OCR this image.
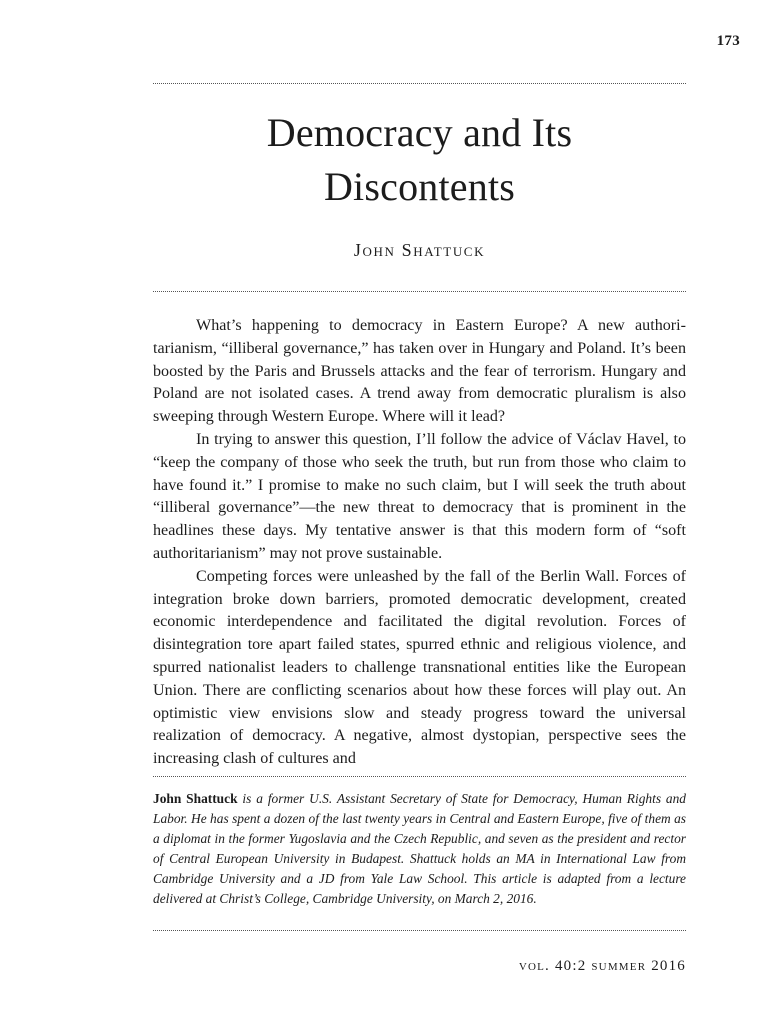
173
Democracy and Its
Discontents
John Shattuck

What’s happening to democracy in Eastern Europe? A new authoritarianism, “illiberal governance,” has taken over in Hungary and Poland. It’s been boosted by the Paris and Brussels attacks and the fear of terrorism. Hungary and Poland are not isolated cases. A trend away from democratic pluralism is also sweeping through Western Europe. Where will it lead?

In trying to answer this question, I’ll follow the advice of Václav Havel, to “keep the company of those who seek the truth, but run from those who claim to have found it.” I promise to make no such claim, but I will seek the truth about “illiberal governance”—the new threat to democracy that is prominent in the headlines these days. My tentative answer is that this modern form of “soft authoritarianism” may not prove sustainable.

Competing forces were unleashed by the fall of the Berlin Wall. Forces of integration broke down barriers, promoted democratic development, created economic interdependence and facilitated the digital revolution. Forces of disintegration tore apart failed states, spurred ethnic and religious violence, and spurred nationalist leaders to challenge transnational entities like the European Union. There are conflicting scenarios about how these forces will play out. An optimistic view envisions slow and steady progress toward the universal realization of democracy. A negative, almost dystopian, perspective sees the increasing clash of cultures and

John Shattuck is a former U.S. Assistant Secretary of State for Democracy, Human Rights and Labor. He has spent a dozen of the last twenty years in Central and Eastern Europe, five of them as a diplomat in the former Yugoslavia and the Czech Republic, and seven as the president and rector of Central European University in Budapest. Shattuck holds an MA in International Law from Cambridge University and a JD from Yale Law School. This article is adapted from a lecture delivered at Christ’s College, Cambridge University, on March 2, 2016.

vol. 40:2 summer 2016
